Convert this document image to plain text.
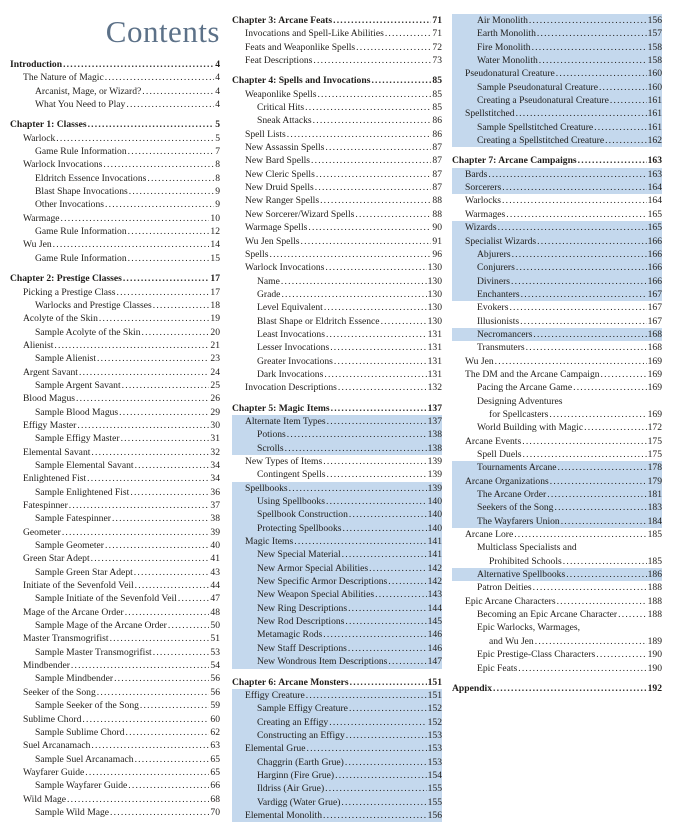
Contents
Introduction .....	4
The Nature of Magic .....	4
Arcanist, Mage, or Wizard? .....	4
What You Need to Play .....	4
Chapter 1: Classes .....	5
Warlock .....	5
Game Rule Information .....	7
Warlock Invocations .....	8
Eldritch Essence Invocations .....	8
Blast Shape Invocations .....	9
Other Invocations .....	9
Warmage .....	10
Game Rule Information .....	12
Wu Jen .....	14
Game Rule Information .....	15
Chapter 2: Prestige Classes .....	17
Picking a Prestige Class .....	17
Warlocks and Prestige Classes .....	18
Acolyte of the Skin .....	19
Sample Acolyte of the Skin .....	20
Alienist .....	21
Sample Alienist .....	23
Argent Savant .....	24
Sample Argent Savant .....	25
Blood Magus .....	26
Sample Blood Magus .....	29
Effigy Master .....	30
Sample Effigy Master .....	31
Elemental Savant .....	32
Sample Elemental Savant .....	34
Enlightened Fist .....	34
Sample Enlightened Fist .....	36
Fatespinner .....	37
Sample Fatespinner .....	38
Geometer .....	39
Sample Geometer .....	40
Green Star Adept .....	41
Sample Green Star Adept .....	43
Initiate of the Sevenfold Veil .....	44
Sample Initiate of the Sevenfold Veil .....	47
Mage of the Arcane Order .....	48
Sample Mage of the Arcane Order .....	50
Master Transmogrifist .....	51
Sample Master Transmogrifist .....	53
Mindbender .....	54
Sample Mindbender .....	56
Seeker of the Song .....	56
Sample Seeker of the Song .....	59
Sublime Chord .....	60
Sample Sublime Chord .....	62
Suel Arcanamach .....	63
Sample Suel Arcanamach .....	65
Wayfarer Guide .....	65
Sample Wayfarer Guide .....	66
Wild Mage .....	68
Sample Wild Mage .....	70
Chapter 3: Arcane Feats .....	71
Invocations and Spell-Like Abilities .....	71
Feats and Weaponlike Spells .....	72
Feat Descriptions .....	73
Chapter 4: Spells and Invocations .....	85
Weaponlike Spells .....	85
Critical Hits .....	85
Sneak Attacks .....	86
Spell Lists .....	86
New Assassin Spells .....	87
New Bard Spells .....	87
New Cleric Spells .....	87
New Druid Spells .....	87
New Ranger Spells .....	88
New Sorcerer/Wizard Spells .....	88
Warmage Spells .....	90
Wu Jen Spells .....	91
Spells .....	96
Warlock Invocations .....	130
Name .....	130
Grade .....	130
Level Equivalent .....	130
Blast Shape or Eldritch Essence .....	130
Least Invocations .....	131
Lesser Invocations .....	131
Greater Invocations .....	131
Dark Invocations .....	131
Invocation Descriptions .....	132
Chapter 5: Magic Items .....	137
Alternate Item Types .....	137
Potions .....	138
Scrolls .....	138
New Types of Items .....	139
Contingent Spells .....	139
Spellbooks .....	139
Using Spellbooks .....	140
Spellbook Construction .....	140
Protecting Spellbooks .....	140
Magic Items .....	141
New Special Material .....	141
New Armor Special Abilities .....	142
New Specific Armor Descriptions .....	142
New Weapon Special Abilities .....	143
New Ring Descriptions .....	144
New Rod Descriptions .....	145
Metamagic Rods .....	146
New Staff Descriptions .....	146
New Wondrous Item Descriptions .....	147
Chapter 6: Arcane Monsters .....	151
Effigy Creature .....	151
Sample Effigy Creature .....	152
Creating an Effigy .....	152
Constructing an Effigy .....	153
Elemental Grue .....	153
Chaggrin (Earth Grue) .....	153
Harginn (Fire Grue) .....	154
Ildriss (Air Grue) .....	155
Vardigg (Water Grue) .....	155
Elemental Monolith .....	156
Air Monolith .....	156
Earth Monolith .....	157
Fire Monolith .....	158
Water Monolith .....	158
Pseudonatural Creature .....	160
Sample Pseudonatural Creature .....	160
Creating a Pseudonatural Creature .....	161
Spellstitched .....	161
Sample Spellstitched Creature .....	161
Creating a Spellstitched Creature .....	162
Chapter 7: Arcane Campaigns .....	163
Bards .....	163
Sorcerers .....	164
Warlocks .....	164
Warmages .....	165
Wizards .....	165
Specialist Wizards .....	166
Abjurers .....	166
Conjurers .....	166
Diviners .....	166
Enchanters .....	167
Evokers .....	167
Illusionists .....	167
Necromancers .....	168
Transmuters .....	168
Wu Jen .....	169
The DM and the Arcane Campaign .....	169
Pacing the Arcane Game .....	169
Designing Adventures
for Spellcasters .....	169
World Building with Magic .....	172
Arcane Events .....	175
Spell Duels .....	175
Tournaments Arcane .....	178
Arcane Organizations .....	179
The Arcane Order .....	181
Seekers of the Song .....	183
The Wayfarers Union .....	184
Arcane Lore .....	185
Multiclass Specialists and
Prohibited Schools .....	185
Alternative Spellbooks .....	186
Patron Deities .....	188
Epic Arcane Characters .....	188
Becoming an Epic Arcane Character .....	188
Epic Warlocks, Warmages,
and Wu Jen .....	189
Epic Prestige-Class Characters .....	190
Epic Feats .....	190
Appendix .....	192
